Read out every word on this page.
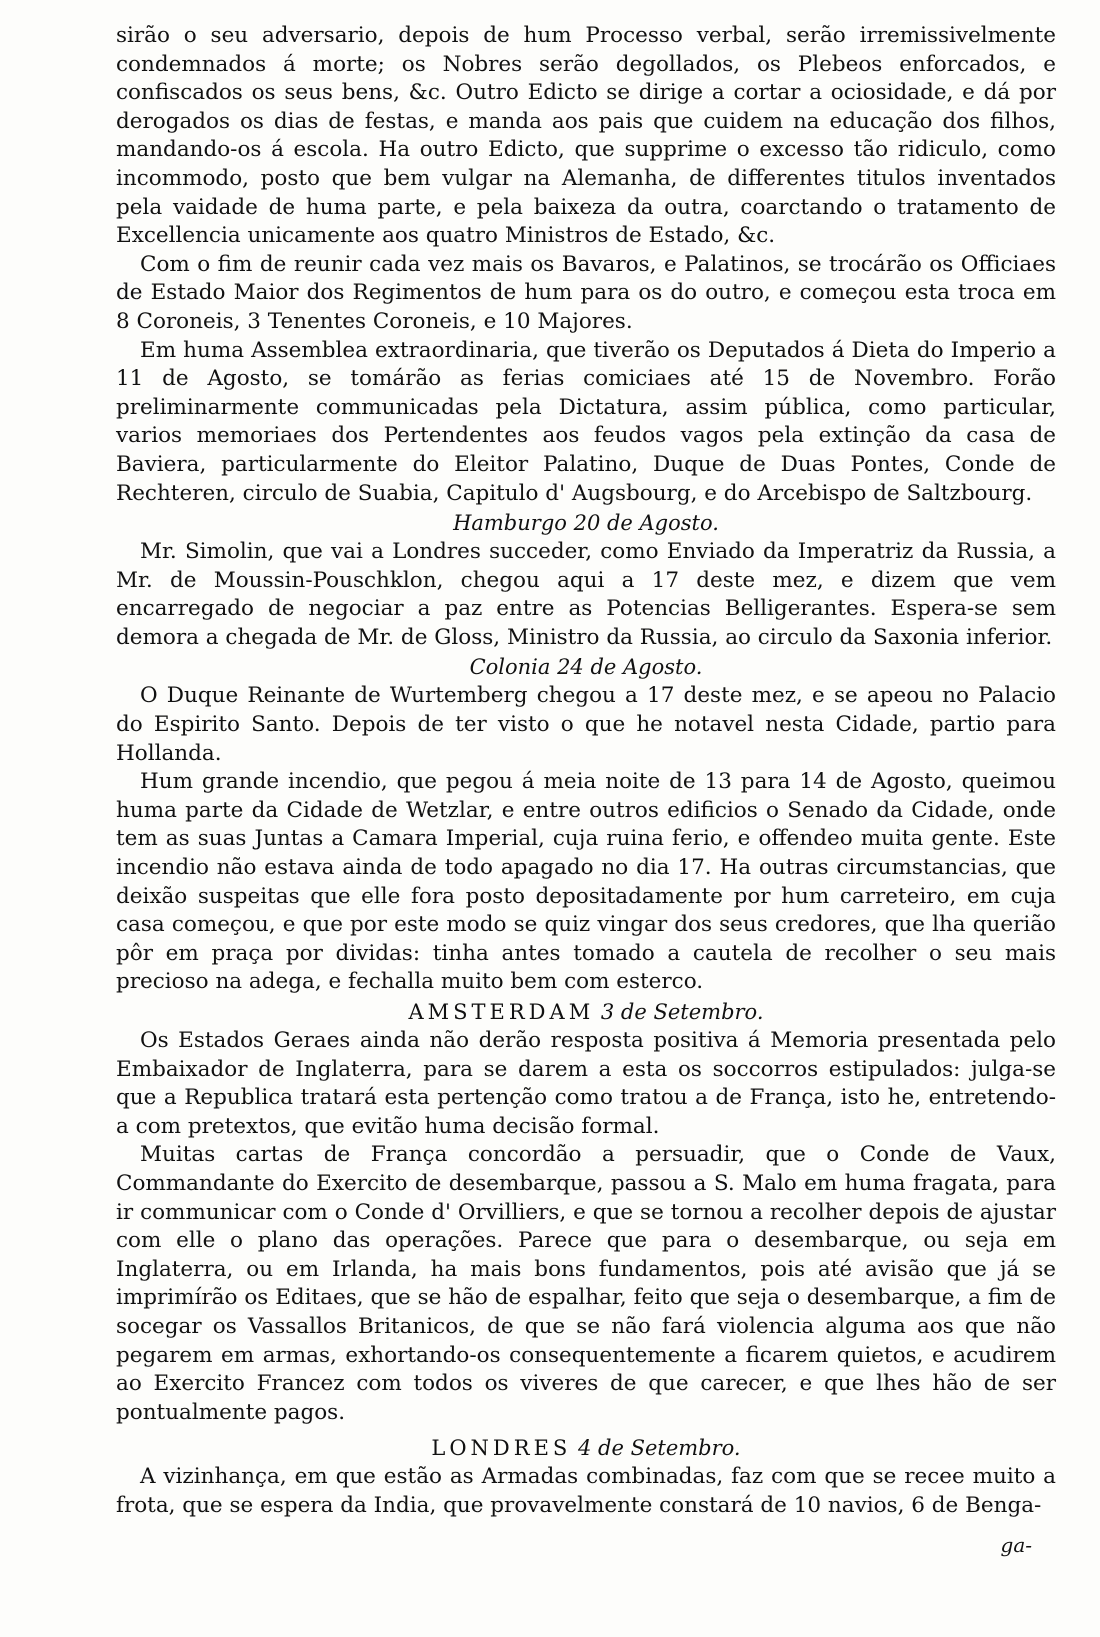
sirão o seu adversario, depois de hum Processo verbal, serão irremissivelmente condemnados á morte; os Nobres serão degollados, os Plebeos enforcados, e confiscados os seus bens, &c. Outro Edicto se dirige a cortar a ociosidade, e dá por derogados os dias de festas, e manda aos pais que cuidem na educação dos filhos, mandando-os á escola. Ha outro Edicto, que supprime o excesso tão ridiculo, como incommodo, posto que bem vulgar na Alemanha, de differentes titulos inventados pela vaidade de huma parte, e pela baixeza da outra, coarctando o tratamento de Excellencia unicamente aos quatro Ministros de Estado, &c.

Com o fim de reunir cada vez mais os Bavaros, e Palatinos, se trocárão os Officiaes de Estado Maior dos Regimentos de hum para os do outro, e começou esta troca em 8 Coroneis, 3 Tenentes Coroneis, e 10 Majores.

Em huma Assemblea extraordinaria, que tiverão os Deputados á Dieta do Imperio a 11 de Agosto, se tomárão as ferias comiciaes até 15 de Novembro. Forão preliminarmente communicadas pela Dictatura, assim pública, como particular, varios memoriaes dos Pertendentes aos feudos vagos pela extinção da casa de Baviera, particularmente do Eleitor Palatino, Duque de Duas Pontes, Conde de Rechteren, circulo de Suabia, Capitulo d' Augsbourg, e do Arcebispo de Saltzbourg.

Hamburgo 20 de Agosto.

Mr. Simolin, que vai a Londres succeder, como Enviado da Imperatriz da Russia, a Mr. de Moussin-Pouschklon, chegou aqui a 17 deste mez, e dizem que vem encarregado de negociar a paz entre as Potencias Belligerantes. Espera-se sem demora a chegada de Mr. de Gloss, Ministro da Russia, ao circulo da Saxonia inferior.

Colonia 24 de Agosto.

O Duque Reinante de Wurtemberg chegou a 17 deste mez, e se apeou no Palacio do Espirito Santo. Depois de ter visto o que he notavel nesta Cidade, partio para Hollanda.

Hum grande incendio, que pegou á meia noite de 13 para 14 de Agosto, queimou huma parte da Cidade de Wetzlar, e entre outros edificios o Senado da Cidade, onde tem as suas Juntas a Camara Imperial, cuja ruina ferio, e offendeo muita gente. Este incendio não estava ainda de todo apagado no dia 17. Ha outras circumstancias, que deixão suspeitas que elle fora posto depositadamente por hum carreteiro, em cuja casa começou, e que por este modo se quiz vingar dos seus credores, que lha querião pôr em praça por dividas: tinha antes tomado a cautela de recolher o seu mais precioso na adega, e fechalla muito bem com esterco.

AMSTERDAM 3 de Setembro.

Os Estados Geraes ainda não derão resposta positiva á Memoria presentada pelo Embaixador de Inglaterra, para se darem a esta os soccorros estipulados: julga-se que a Republica tratará esta pertenção como tratou a de França, isto he, entretendo-a com pretextos, que evitão huma decisão formal.

Muitas cartas de França concordão a persuadir, que o Conde de Vaux, Commandante do Exercito de desembarque, passou a S. Malo em huma fragata, para ir communicar com o Conde d' Orvilliers, e que se tornou a recolher depois de ajustar com elle o plano das operações. Parece que para o desembarque, ou seja em Inglaterra, ou em Irlanda, ha mais bons fundamentos, pois até avisão que já se imprimírão os Editaes, que se hão de espalhar, feito que seja o desembarque, a fim de socegar os Vassallos Britanicos, de que se não fará violencia alguma aos que não pegarem em armas, exhortando-os consequentemente a ficarem quietos, e acudirem ao Exercito Francez com todos os viveres de que carecer, e que lhes hão de ser pontualmente pagos.

LONDRES 4 de Setembro.

A vizinhança, em que estão as Armadas combinadas, faz com que se recee muito a frota, que se espera da India, que provavelmente constará de 10 navios, 6 de Benga-

ga-
